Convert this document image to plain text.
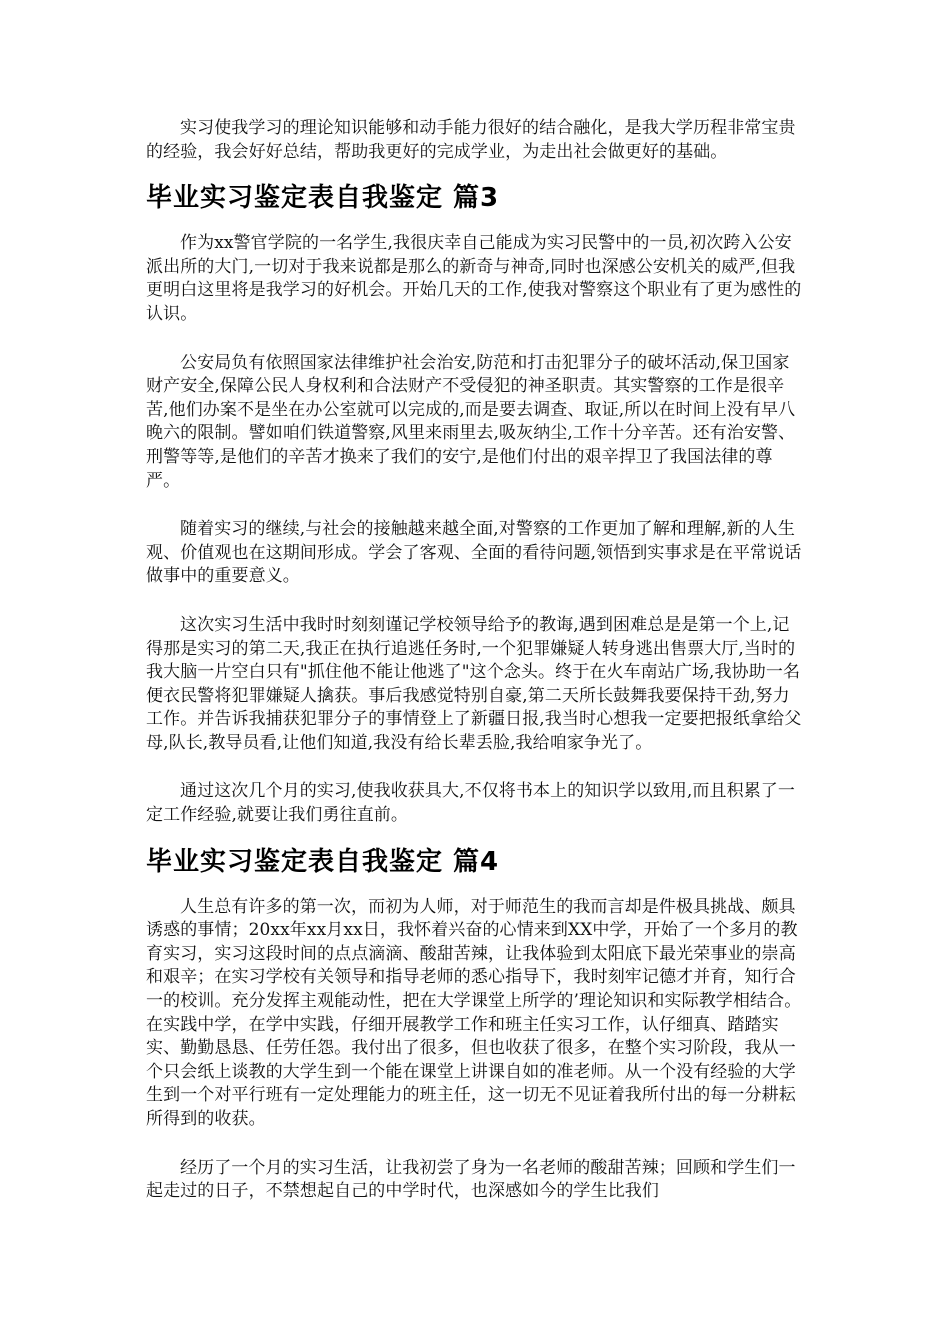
实习使我学习的理论知识能够和动手能力很好的结合融化，是我大学历程非常宝贵的经验，我会好好总结，帮助我更好的完成学业，为走出社会做更好的基础。

毕业实习鉴定表自我鉴定 篇3

作为xx警官学院的一名学生,我很庆幸自己能成为实习民警中的一员,初次跨入公安派出所的大门,一切对于我来说都是那么的新奇与神奇,同时也深感公安机关的威严,但我更明白这里将是我学习的好机会。开始几天的工作,使我对警察这个职业有了更为感性的认识。

公安局负有依照国家法律维护社会治安,防范和打击犯罪分子的破坏活动,保卫国家财产安全,保障公民人身权利和合法财产不受侵犯的神圣职责。其实警察的工作是很辛苦,他们办案不是坐在办公室就可以完成的,而是要去调查、取证,所以在时间上没有早八晚六的限制。譬如咱们铁道警察,风里来雨里去,吸灰纳尘,工作十分辛苦。还有治安警、刑警等等,是他们的辛苦才换来了我们的安宁,是他们付出的艰辛捍卫了我国法律的尊严。

随着实习的继续,与社会的接触越来越全面,对警察的工作更加了解和理解,新的人生观、价值观也在这期间形成。学会了客观、全面的看待问题,领悟到实事求是在平常说话做事中的重要意义。

这次实习生活中我时时刻刻谨记学校领导给予的教诲,遇到困难总是是第一个上,记得那是实习的第二天,我正在执行追逃任务时,一个犯罪嫌疑人转身逃出售票大厅,当时的我大脑一片空白只有"抓住他不能让他逃了"这个念头。终于在火车南站广场,我协助一名便衣民警将犯罪嫌疑人擒获。事后我感觉特别自豪,第二天所长鼓舞我要保持干劲,努力工作。并告诉我捕获犯罪分子的事情登上了新疆日报,我当时心想我一定要把报纸拿给父母,队长,教导员看,让他们知道,我没有给长辈丢脸,我给咱家争光了。

通过这次几个月的实习,使我收获具大,不仅将书本上的知识学以致用,而且积累了一定工作经验,就要让我们勇往直前。

毕业实习鉴定表自我鉴定 篇4

人生总有许多的第一次，而初为人师，对于师范生的我而言却是件极具挑战、颇具诱惑的事情；20xx年xx月xx日，我怀着兴奋的心情来到XX中学，开始了一个多月的教育实习，实习这段时间的点点滴滴、酸甜苦辣，让我体验到太阳底下最光荣事业的崇高和艰辛；在实习学校有关领导和指导老师的悉心指导下，我时刻牢记德才并育，知行合一的校训。充分发挥主观能动性，把在大学课堂上所学的’理论知识和实际教学相结合。在实践中学，在学中实践，仔细开展教学工作和班主任实习工作，认仔细真、踏踏实实、勤勤恳恳、任劳任怨。我付出了很多，但也收获了很多，在整个实习阶段，我从一个只会纸上谈教的大学生到一个能在课堂上讲课自如的准老师。从一个没有经验的大学生到一个对平行班有一定处理能力的班主任，这一切无不见证着我所付出的每一分耕耘所得到的收获。

经历了一个月的实习生活，让我初尝了身为一名老师的酸甜苦辣；回顾和学生们一起走过的日子，不禁想起自己的中学时代，也深感如今的学生比我们
